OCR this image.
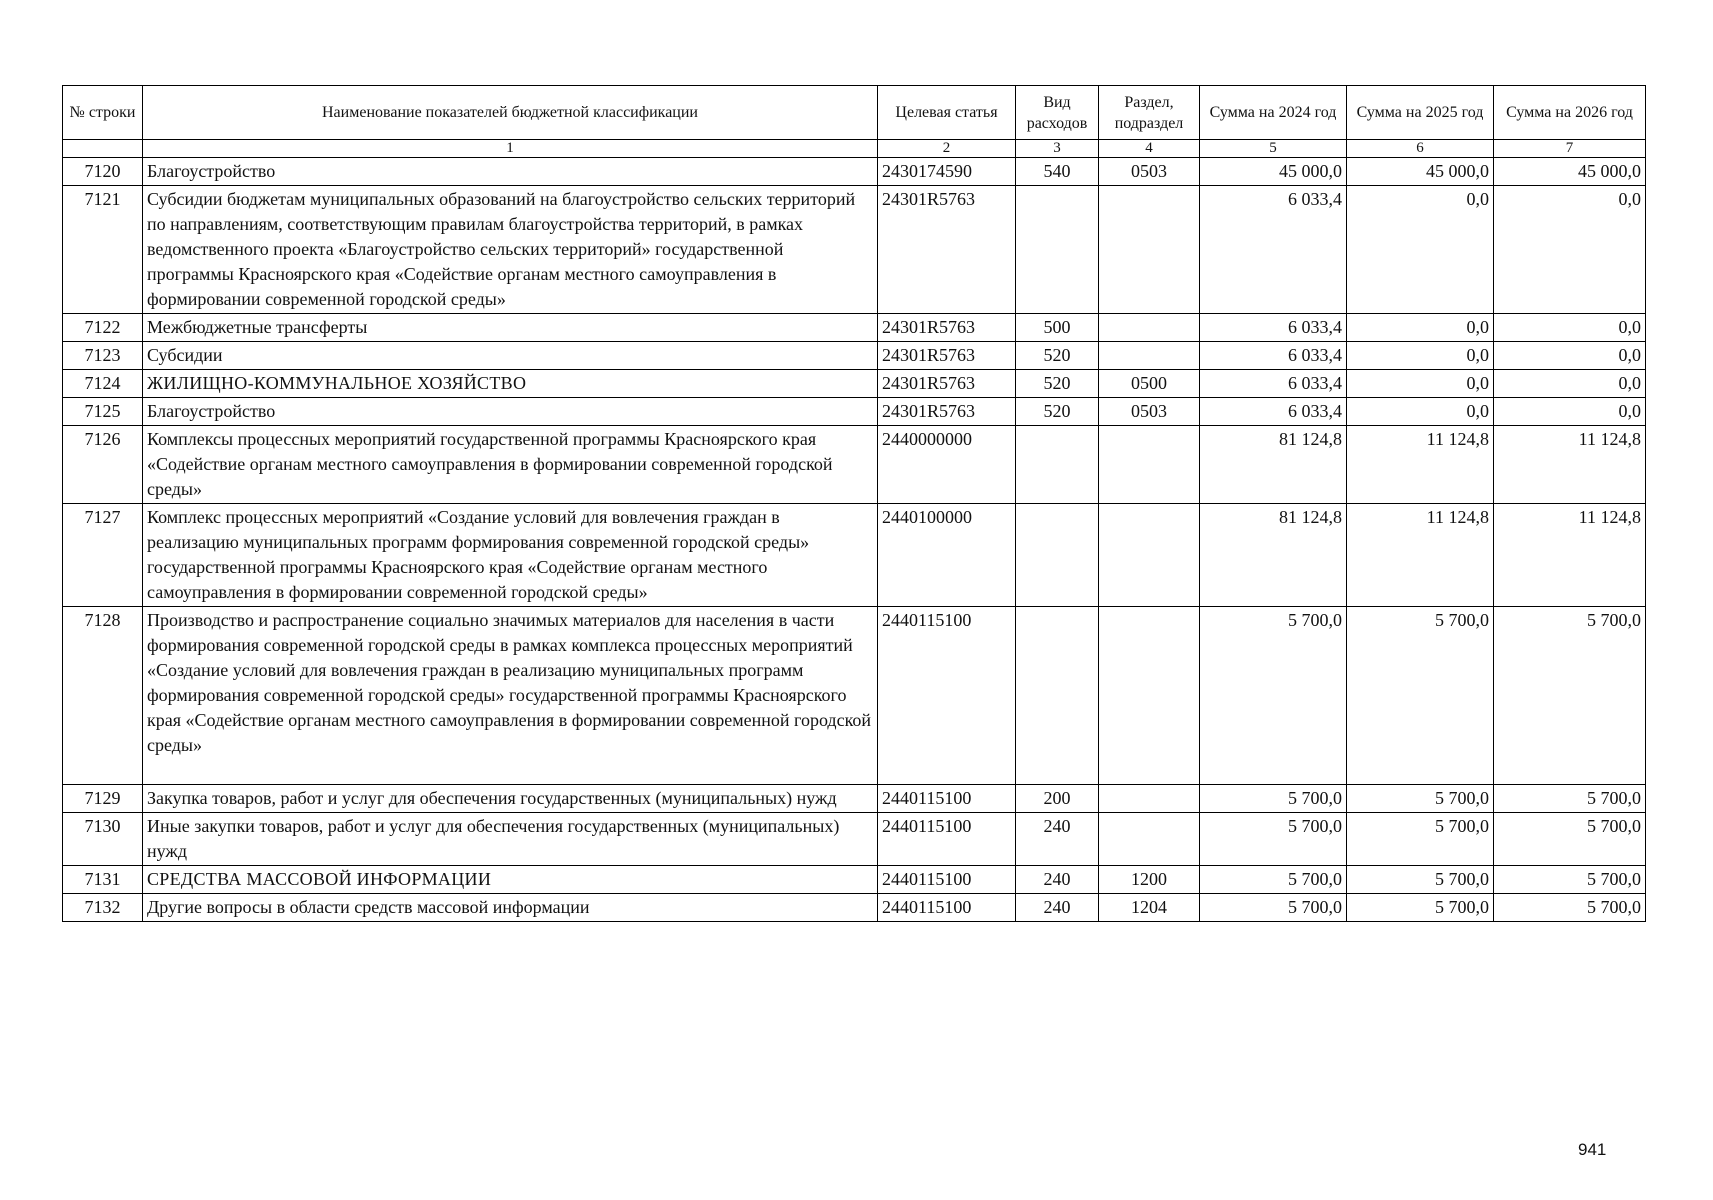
№ строки	Наименование показателей бюджетной классификации	Целевая статья	Вид расходов	Раздел, подраздел	Сумма на 2024 год	Сумма на 2025 год	Сумма на 2026 год
	1	2	3	4	5	6	7
7120	Благоустройство	2430174590	540	0503	45 000,0	45 000,0	45 000,0
7121	Субсидии бюджетам муниципальных образований на благоустройство сельских территорий по направлениям, соответствующим правилам благоустройства территорий, в рамках ведомственного проекта «Благоустройство сельских территорий» государственной программы Красноярского края «Содействие органам местного самоуправления в формировании современной городской среды»	24301R5763			6 033,4	0,0	0,0
7122	Межбюджетные трансферты	24301R5763	500		6 033,4	0,0	0,0
7123	Субсидии	24301R5763	520		6 033,4	0,0	0,0
7124	ЖИЛИЩНО-КОММУНАЛЬНОЕ ХОЗЯЙСТВО	24301R5763	520	0500	6 033,4	0,0	0,0
7125	Благоустройство	24301R5763	520	0503	6 033,4	0,0	0,0
7126	Комплексы процессных мероприятий государственной программы Красноярского края «Содействие органам местного самоуправления в формировании современной городской среды»	2440000000			81 124,8	11 124,8	11 124,8
7127	Комплекс процессных мероприятий «Создание условий для вовлечения граждан в реализацию муниципальных программ формирования современной городской среды» государственной программы Красноярского края «Содействие органам местного самоуправления в формировании современной городской среды»	2440100000			81 124,8	11 124,8	11 124,8
7128	Производство и распространение социально значимых материалов для населения в части формирования современной городской среды в рамках комплекса процессных мероприятий «Создание условий для вовлечения граждан в реализацию муниципальных программ формирования современной городской среды» государственной программы Красноярского края «Содействие органам местного самоуправления в формировании современной городской среды»	2440115100			5 700,0	5 700,0	5 700,0
7129	Закупка товаров, работ и услуг для обеспечения государственных (муниципальных) нужд	2440115100	200		5 700,0	5 700,0	5 700,0
7130	Иные закупки товаров, работ и услуг для обеспечения государственных (муниципальных) нужд	2440115100	240		5 700,0	5 700,0	5 700,0
7131	СРЕДСТВА МАССОВОЙ ИНФОРМАЦИИ	2440115100	240	1200	5 700,0	5 700,0	5 700,0
7132	Другие вопросы в области средств массовой информации	2440115100	240	1204	5 700,0	5 700,0	5 700,0
941
